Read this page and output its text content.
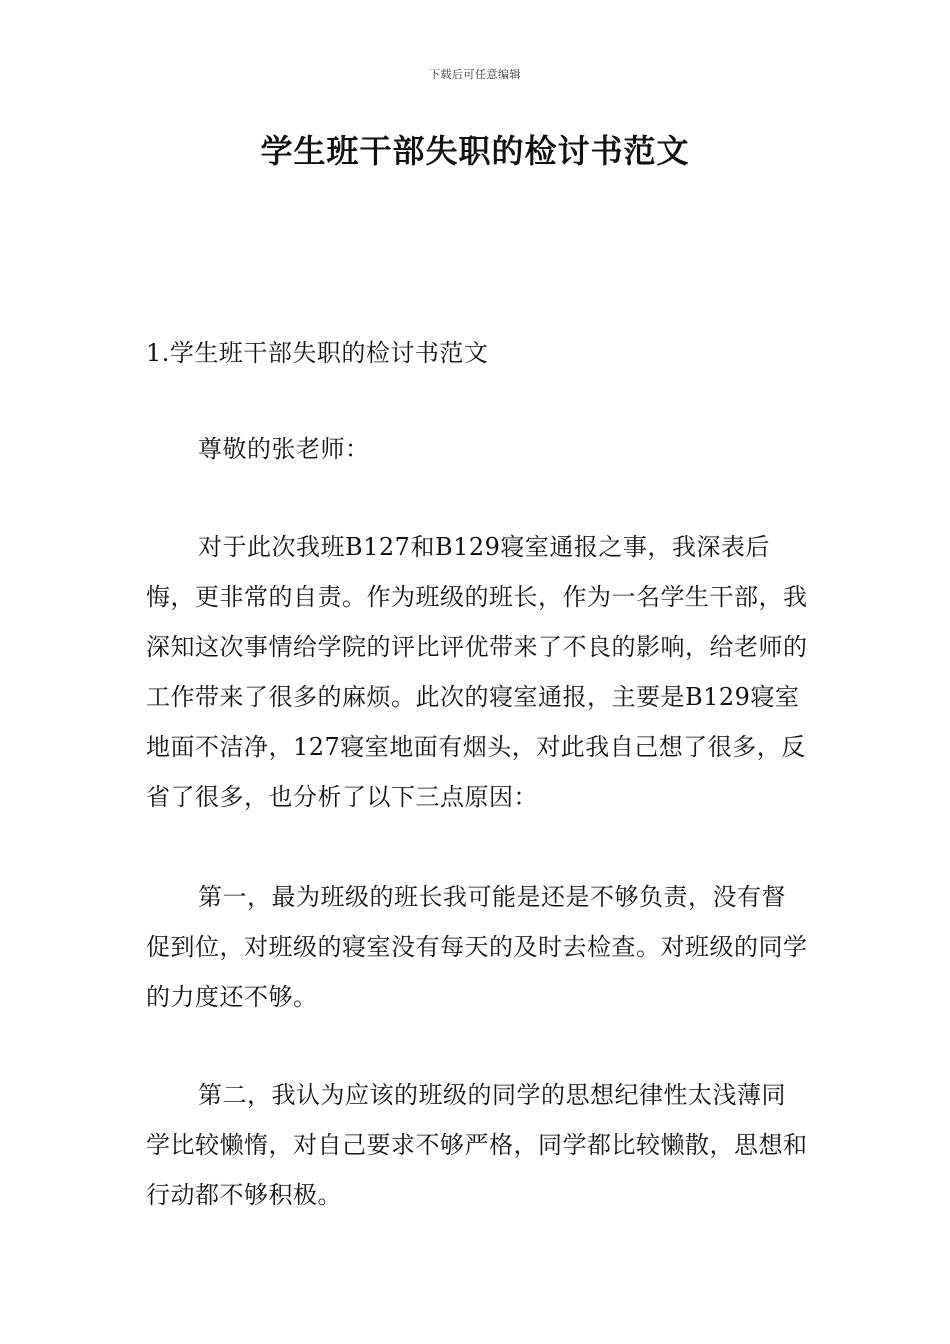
下载后可任意编辑
学生班干部失职的检讨书范文
1.学生班干部失职的检讨书范文
尊敬的张老师：
对于此次我班B127和B129寝室通报之事，我深表后悔，更非常的自责。作为班级的班长，作为一名学生干部，我深知这次事情给学院的评比评优带来了不良的影响，给老师的工作带来了很多的麻烦。此次的寝室通报，主要是B129寝室地面不洁净，127寝室地面有烟头，对此我自己想了很多，反省了很多，也分析了以下三点原因：
第一，最为班级的班长我可能是还是不够负责，没有督促到位，对班级的寝室没有每天的及时去检查。对班级的同学的力度还不够。
第二，我认为应该的班级的同学的思想纪律性太浅薄同学比较懒惰，对自己要求不够严格，同学都比较懒散，思想和行动都不够积极。
